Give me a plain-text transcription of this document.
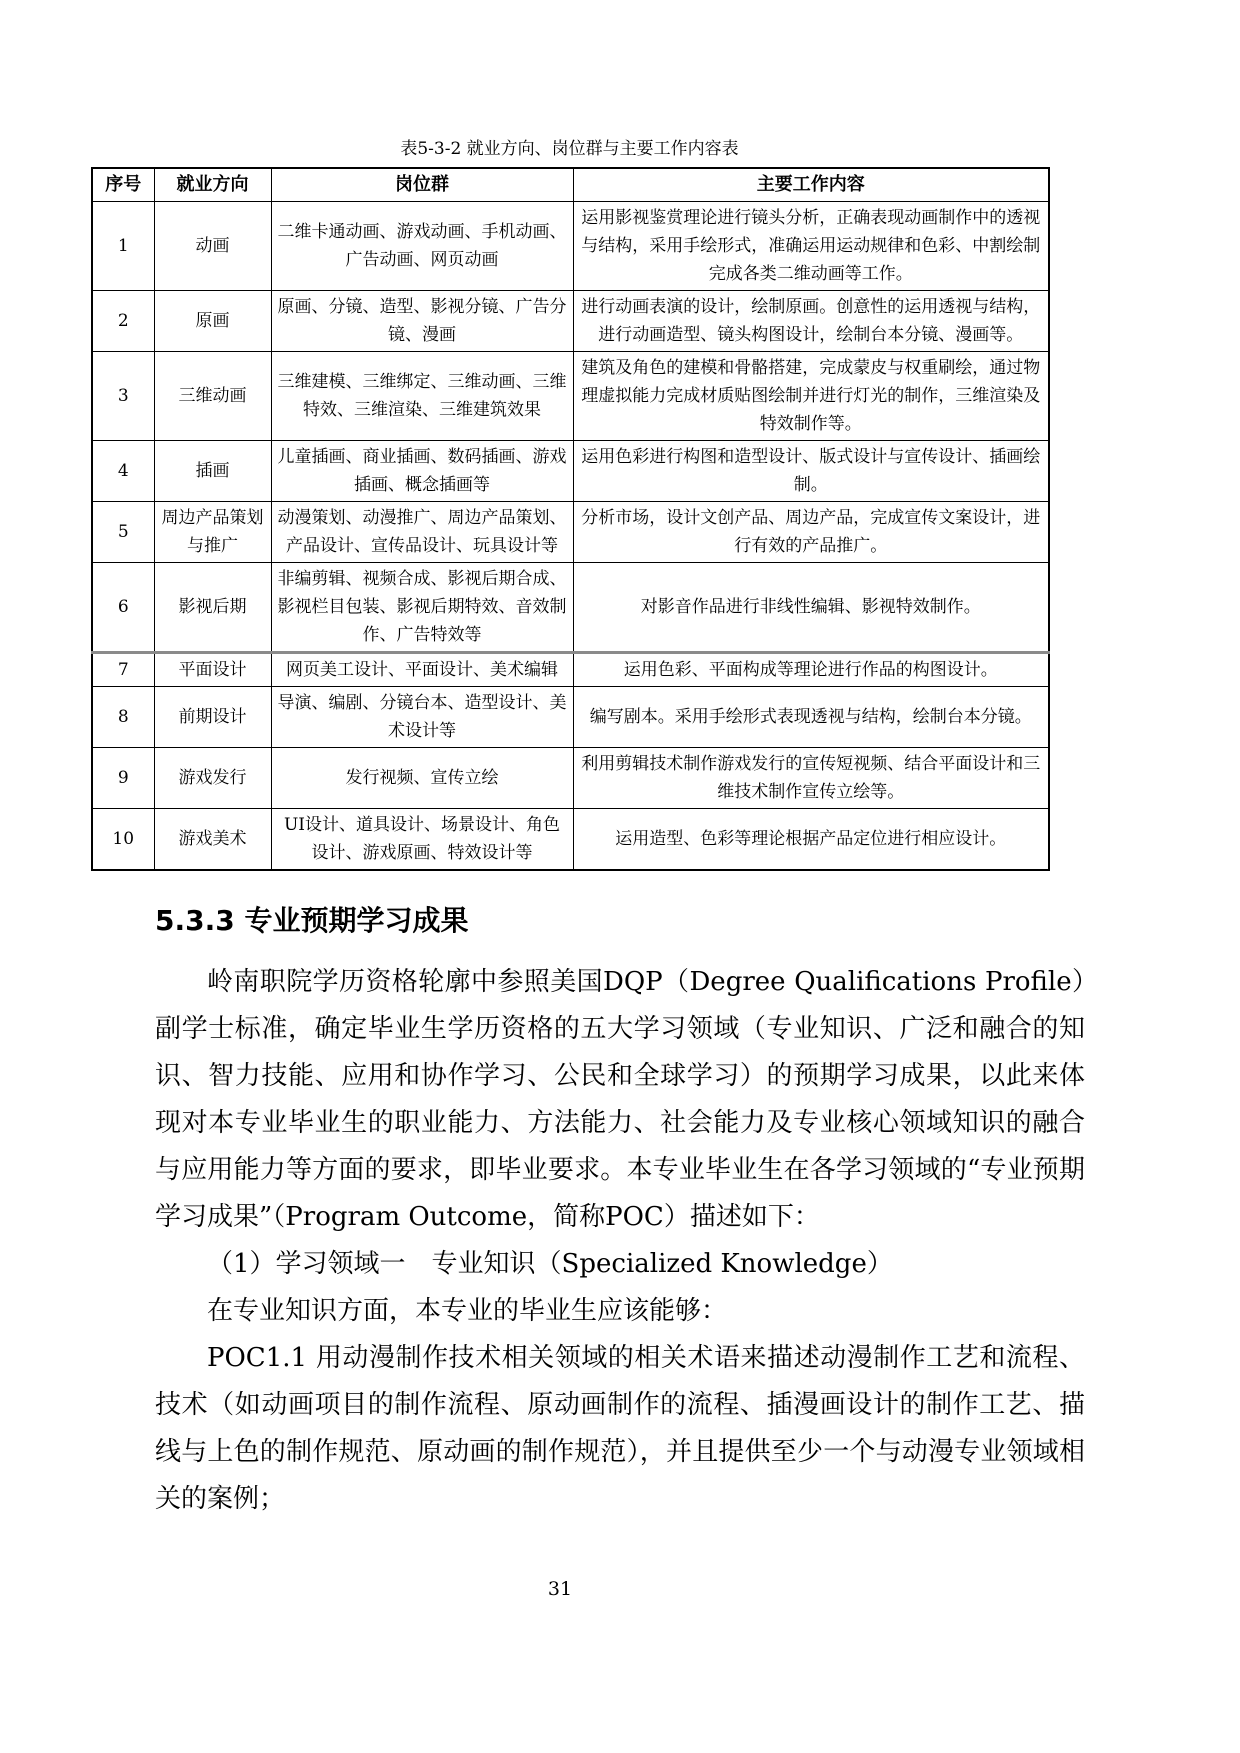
表5-3-2 就业方向、岗位群与主要工作内容表
序号	就业方向	岗位群	主要工作内容
1	动画	二维卡通动画、游戏动画、手机动画、广告动画、网页动画	运用影视鉴赏理论进行镜头分析，正确表现动画制作中的透视与结构，采用手绘形式，准确运用运动规律和色彩、中割绘制完成各类二维动画等工作。
2	原画	原画、分镜、造型、影视分镜、广告分镜、漫画	进行动画表演的设计，绘制原画。创意性的运用透视与结构，进行动画造型、镜头构图设计，绘制台本分镜、漫画等。
3	三维动画	三维建模、三维绑定、三维动画、三维特效、三维渲染、三维建筑效果	建筑及角色的建模和骨骼搭建，完成蒙皮与权重刷绘，通过物理虚拟能力完成材质贴图绘制并进行灯光的制作，三维渲染及特效制作等。
4	插画	儿童插画、商业插画、数码插画、游戏插画、概念插画等	运用色彩进行构图和造型设计、版式设计与宣传设计、插画绘制。
5	周边产品策划与推广	动漫策划、动漫推广、周边产品策划、产品设计、宣传品设计、玩具设计等	分析市场，设计文创产品、周边产品，完成宣传文案设计，进行有效的产品推广。
6	影视后期	非编剪辑、视频合成、影视后期合成、影视栏目包装、影视后期特效、音效制作、广告特效等	对影音作品进行非线性编辑、影视特效制作。
7	平面设计	网页美工设计、平面设计、美术编辑	运用色彩、平面构成等理论进行作品的构图设计。
8	前期设计	导演、编剧、分镜台本、造型设计、美术设计等	编写剧本。采用手绘形式表现透视与结构，绘制台本分镜。
9	游戏发行	发行视频、宣传立绘	利用剪辑技术制作游戏发行的宣传短视频、结合平面设计和三维技术制作宣传立绘等。
10	游戏美术	UI设计、道具设计、场景设计、角色设计、游戏原画、特效设计等	运用造型、色彩等理论根据产品定位进行相应设计。
5.3.3 专业预期学习成果

岭南职院学历资格轮廓中参照美国DQP（Degree Qualifications Profile）副学士标准，确定毕业生学历资格的五大学习领域（专业知识、广泛和融合的知识、智力技能、应用和协作学习、公民和全球学习）的预期学习成果，以此来体现对本专业毕业生的职业能力、方法能力、社会能力及专业核心领域知识的融合与应用能力等方面的要求，即毕业要求。本专业毕业生在各学习领域的“专业预期学习成果”（Program Outcome，简称POC）描述如下：

（1）学习领域一　专业知识（Specialized Knowledge）

在专业知识方面，本专业的毕业生应该能够：

POC1.1 用动漫制作技术相关领域的相关术语来描述动漫制作工艺和流程、技术（如动画项目的制作流程、原动画制作的流程、插漫画设计的制作工艺、描线与上色的制作规范、原动画的制作规范），并且提供至少一个与动漫专业领域相关的案例；

31
